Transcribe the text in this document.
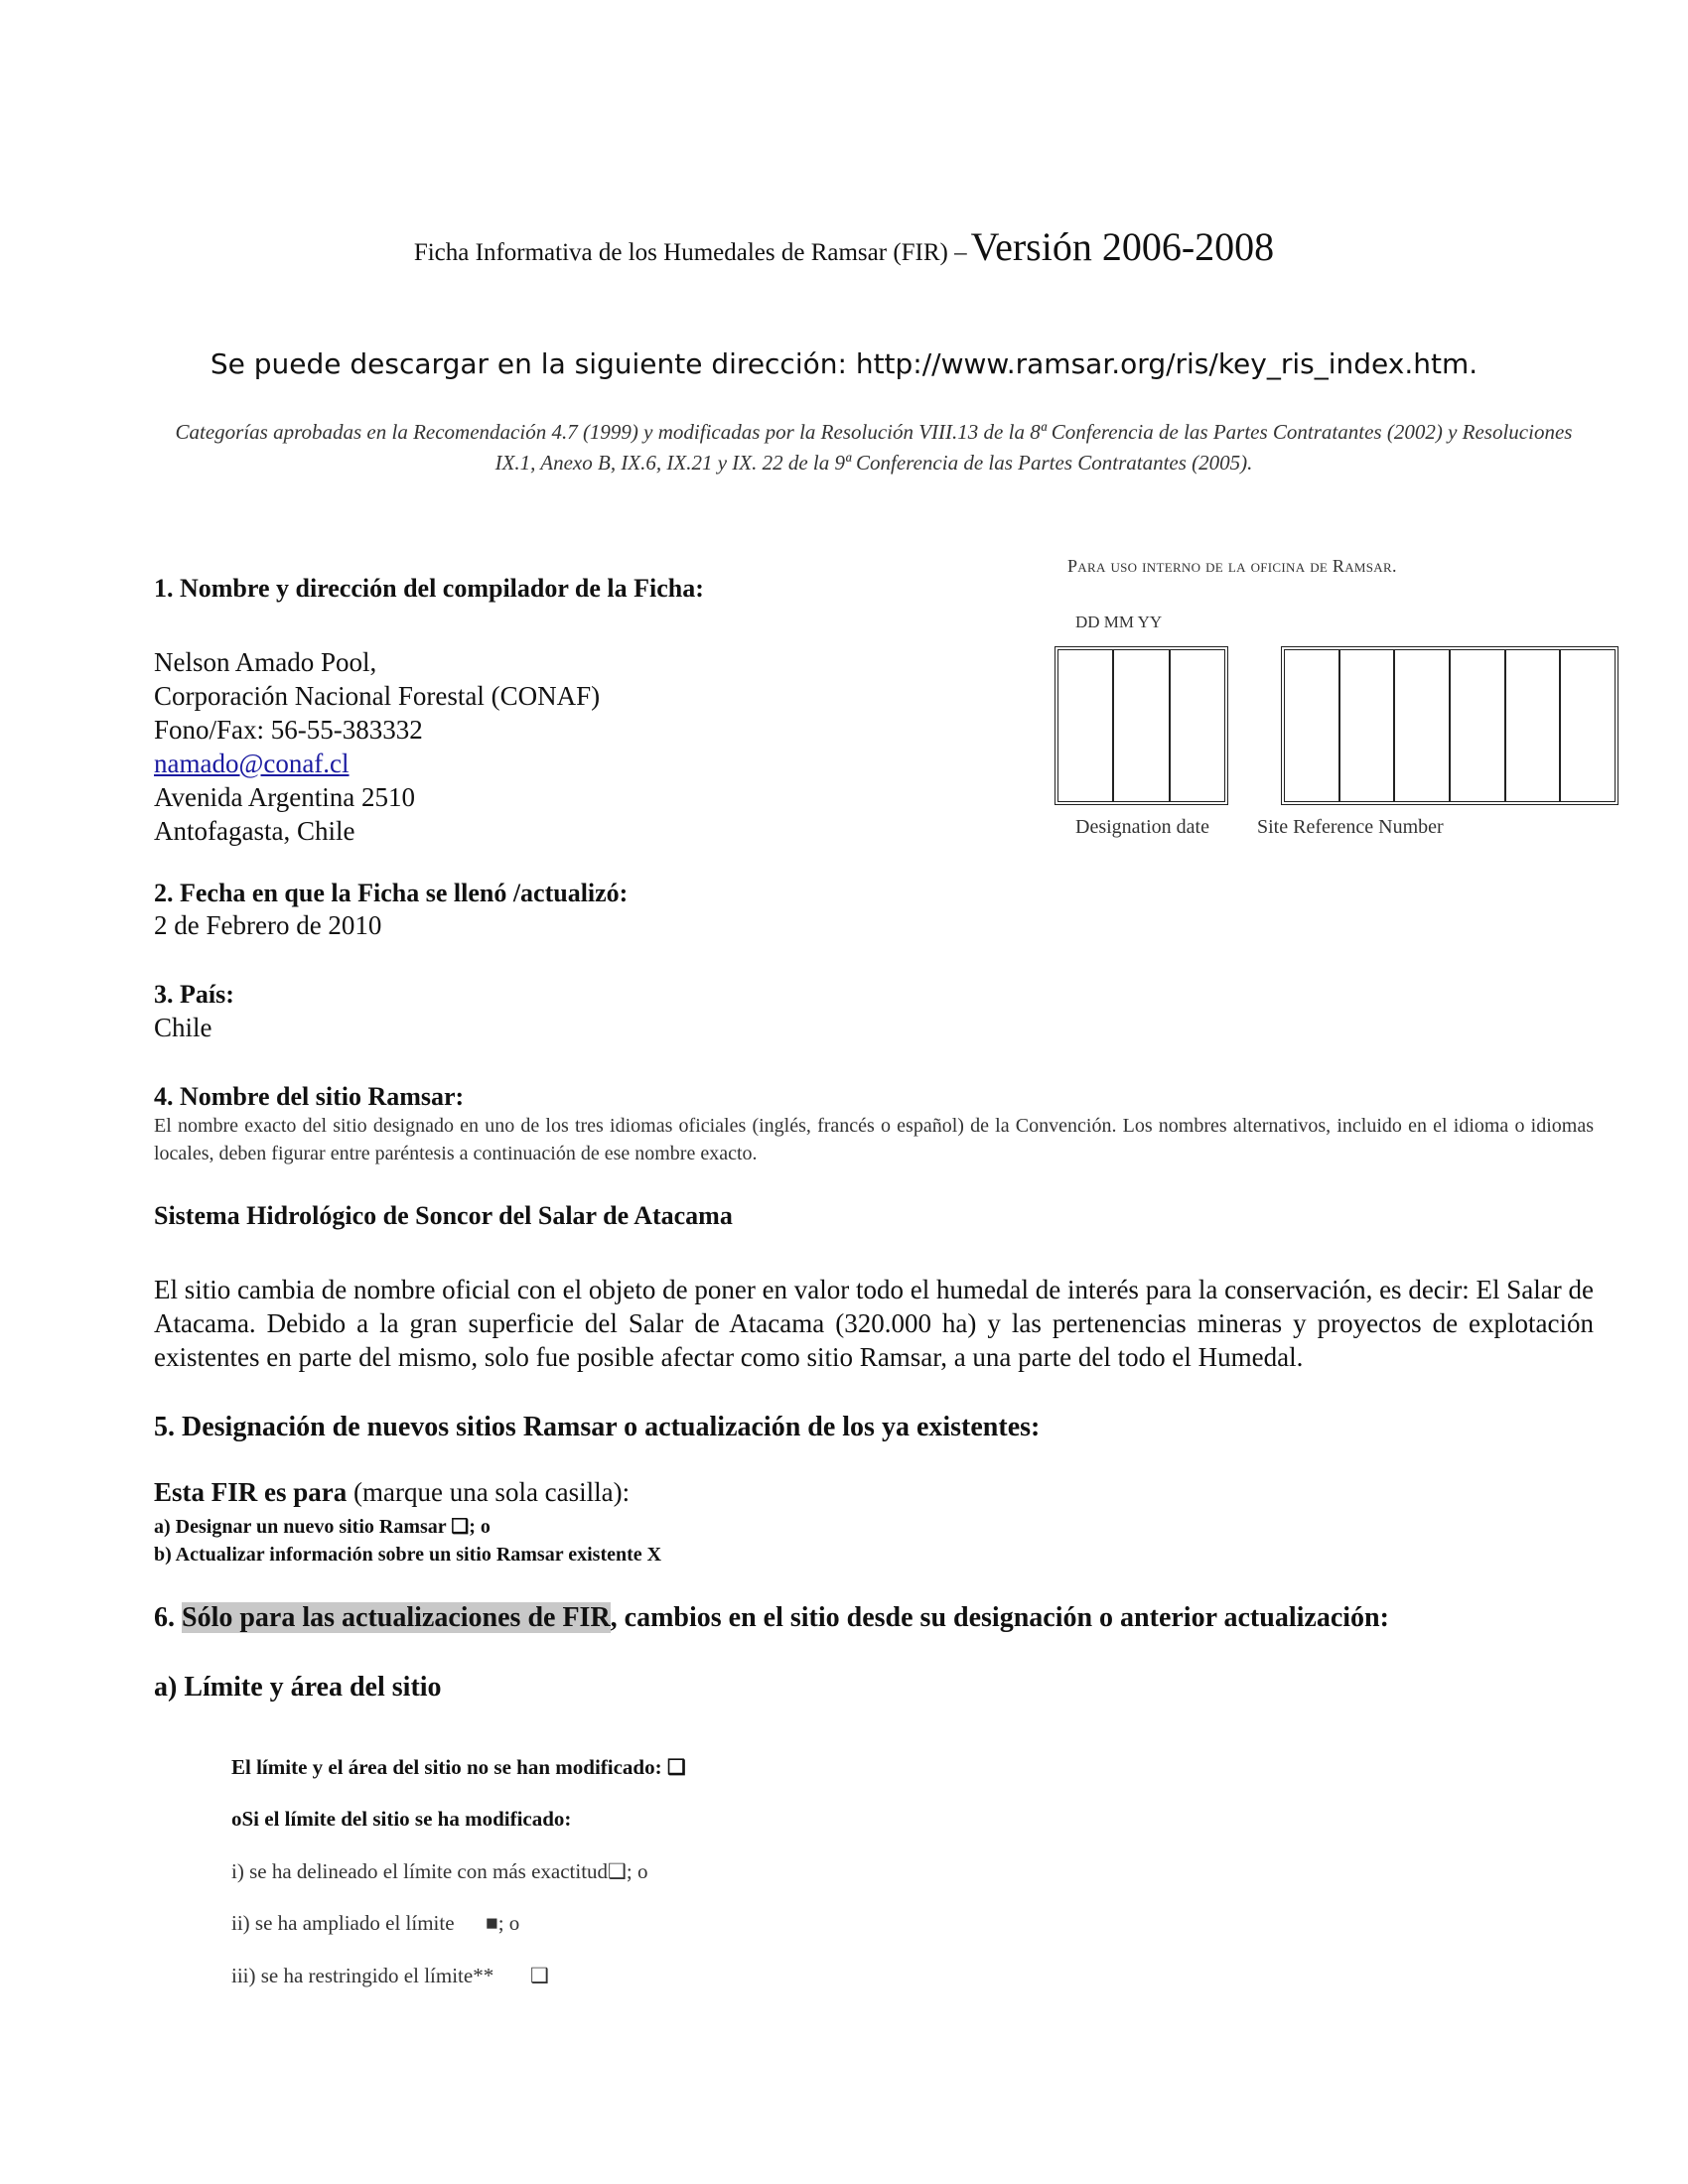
Ficha Informativa de los Humedales de Ramsar (FIR) – Versión 2006-2008
Se puede descargar en la siguiente dirección: http://www.ramsar.org/ris/key_ris_index.htm.
Categorías aprobadas en la Recomendación 4.7 (1999) y modificadas por la Resolución VIII.13 de la 8ª Conferencia de las Partes Contratantes (2002) y Resoluciones IX.1, Anexo B, IX.6, IX.21 y IX. 22 de la 9ª Conferencia de las Partes Contratantes (2005).
Para uso interno de la oficina de Ramsar.
DD MM YY
Designation date Site Reference Number
1. Nombre y dirección del compilador de la Ficha:
Nelson Amado Pool,
Corporación Nacional Forestal (CONAF)
Fono/Fax: 56-55-383332
namado@conaf.cl
Avenida Argentina 2510
Antofagasta, Chile
2. Fecha en que la Ficha se llenó /actualizó:
2 de Febrero de 2010
3. País:
Chile
4. Nombre del sitio Ramsar:
El nombre exacto del sitio designado en uno de los tres idiomas oficiales (inglés, francés o español) de la Convención. Los nombres alternativos, incluido en el idioma o idiomas locales, deben figurar entre paréntesis a continuación de ese nombre exacto.
Sistema Hidrológico de Soncor del Salar de Atacama
El sitio cambia de nombre oficial con el objeto de poner en valor todo el humedal de interés para la conservación, es decir: El Salar de Atacama. Debido a la gran superficie del Salar de Atacama (320.000 ha) y las pertenencias mineras y proyectos de explotación existentes en parte del mismo, solo fue posible afectar como sitio Ramsar, a una parte del todo el Humedal.
5. Designación de nuevos sitios Ramsar o actualización de los ya existentes:
Esta FIR es para (marque una sola casilla):
a) Designar un nuevo sitio Ramsar ❑; o
b) Actualizar información sobre un sitio Ramsar existente X
6. Sólo para las actualizaciones de FIR, cambios en el sitio desde su designación o anterior actualización:
a) Límite y área del sitio
El límite y el área del sitio no se han modificado: ❑
oSi el límite del sitio se ha modificado:
i) se ha delineado el límite con más exactitud❑; o
ii) se ha ampliado el límite      ■; o
iii) se ha restringido el límite**       ❑
